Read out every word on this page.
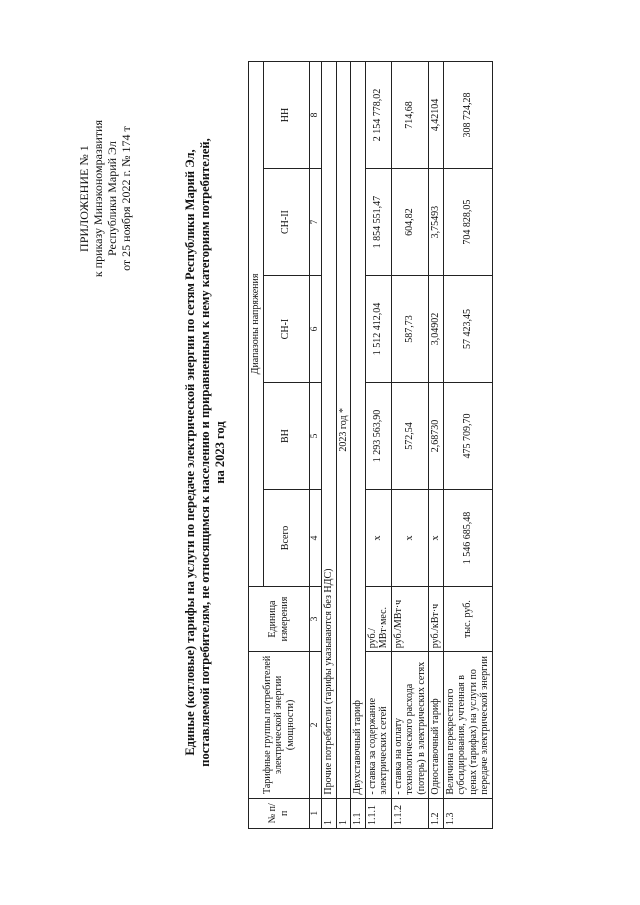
ПРИЛОЖЕНИЕ № 1 к приказу Минэкономразвития Республики Марий Эл от 25 ноября 2022 г. № 174 т	Единые (котловые) тарифы на услуги по передаче электрической энергии по сетям Республики Марий Эл, поставляемой потребителям, не относящимся к населению и приравненным к нему категориям потребителей, на 2023 год
№ п/п	Тарифные группы потребителей электрической энергии (мощности)	Единица измерения	Диапазоны напряжения				
			Всего	ВН	СН-I	СН-II	НН
1	2	3	4	5	6	7	8
1	Прочие потребители (тарифы указываются без НДС)						
1	2023 год *						
1.1	Двухставочный тариф						
1.1.1	- ставка за содержание электрических сетей	руб./МВт·мес.	х	1 293 563,90	1 512 412,04	1 854 551,47	2 154 778,02
1.1.2	- ставка на оплату технологического расхода (потерь) в электрических сетях	руб./МВт·ч	х	572,54	587,73	604,82	714,68
1.2	Одноставочный тариф	руб./кВт·ч	х	2,68730	3,04902	3,75493	4,42104
1.3	Величина перекрестного субсидирования, учтенная в ценах (тарифах) на услуги по передаче электрической энергии	тыс. руб.	1 546 685,48	475 709,70	57 423,45	704 828,05	308 724,28
